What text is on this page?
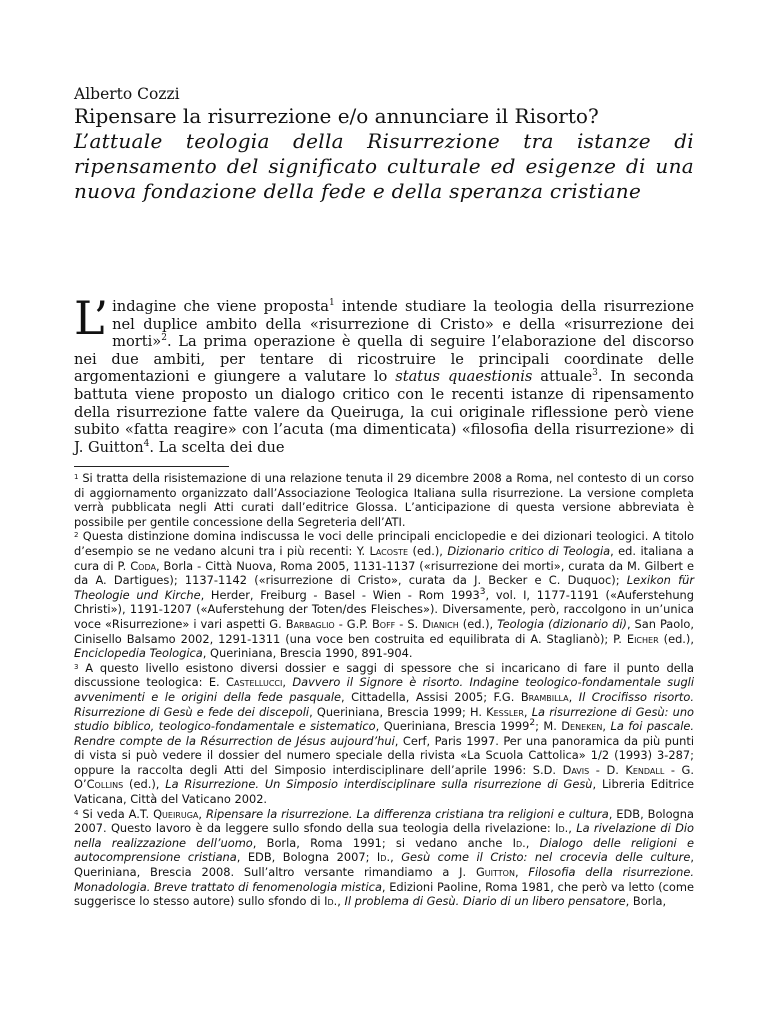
Alberto Cozzi

Ripensare la risurrezione e/o annunciare il Risorto?

L’attuale teologia della Risurrezione tra istanze di ripensamento del significato culturale ed esigenze di una nuova fondazione della fede e della speranza cristiane

L’ indagine che viene proposta$^1$ intende studiare la teologia della risurrezione nel duplice ambito della «risurrezione di Cristo» e della «risurrezione dei morti»$^2$. La prima operazione è quella di seguire l’elaborazione del discorso nei due ambiti, per tentare di ricostruire le principali coordinate delle argomentazioni e giungere a valutare lo status quaestionis attuale$^3$. In seconda battuta viene proposto un dialogo critico con le recenti istanze di ripensamento della risurrezione fatte valere da Queiruga, la cui originale riflessione però viene subito «fatta reagire» con l’acuta (ma dimenticata) «filosofia della risurrezione» di J. Guitton$^4$. La scelta dei due

$^1$ Si tratta della risistemazione di una relazione tenuta il 29 dicembre 2008 a Roma, nel contesto di un corso di aggiornamento organizzato dall’Associazione Teologica Italiana sulla risurrezione. La versione completa verrà pubblicata negli Atti curati dall’editrice Glossa. L’anticipazione di questa versione abbreviata è possibile per gentile concessione della Segreteria dell’ATI.

$^2$ Questa distinzione domina indiscussa le voci delle principali enciclopedie e dei dizionari teologici. A titolo d’esempio se ne vedano alcuni tra i più recenti: Y. Lacoste (ed.), Dizionario critico di Teologia, ed. italiana a cura di P. Coda, Borla - Città Nuova, Roma 2005, 1131-1137 («risurrezione dei morti», curata da M. Gilbert e da A. Dartigues); 1137-1142 («risurrezione di Cristo», curata da J. Becker e C. Duquoc); Lexikon für Theologie und Kirche, Herder, Freiburg - Basel - Wien - Rom 1993$^3$, vol. I, 1177-1191 («Auferstehung Christi»), 1191-1207 («Auferstehung der Toten/des Fleisches»). Diversamente, però, raccolgono in un’unica voce «Risurrezione» i vari aspetti G. Barbaglio - G.P. Boff - S. Dianich (ed.), Teologia (dizionario di), San Paolo, Cinisello Balsamo 2002, 1291-1311 (una voce ben costruita ed equilibrata di A. Staglianò); P. Eicher (ed.), Enciclopedia Teologica, Queriniana, Brescia 1990, 891-904.

$^3$ A questo livello esistono diversi dossier e saggi di spessore che si incaricano di fare il punto della discussione teologica: E. Castellucci, Davvero il Signore è risorto. Indagine teologico-fondamentale sugli avvenimenti e le origini della fede pasquale, Cittadella, Assisi 2005; F.G. Brambilla, Il Crocifisso risorto. Risurrezione di Gesù e fede dei discepoli, Queriniana, Brescia 1999; H. Kessler, La risurrezione di Gesù: uno studio biblico, teologico-fondamentale e sistematico, Queriniana, Brescia 1999$^2$; M. Deneken, La foi pascale. Rendre compte de la Résurrection de Jésus aujourd’hui, Cerf, Paris 1997. Per una panoramica da più punti di vista si può vedere il dossier del numero speciale della rivista «La Scuola Cattolica» 1/2 (1993) 3-287; oppure la raccolta degli Atti del Simposio interdisciplinare dell’aprile 1996: S.D. Davis - D. Kendall - G. O’Collins (ed.), La Risurrezione. Un Simposio interdisciplinare sulla risurrezione di Gesù, Libreria Editrice Vaticana, Città del Vaticano 2002.

$^4$ Si veda A.T. Queiruga, Ripensare la risurrezione. La differenza cristiana tra religioni e cultura, EDB, Bologna 2007. Questo lavoro è da leggere sullo sfondo della sua teologia della rivelazione: Id., La rivelazione di Dio nella realizzazione dell’uomo, Borla, Roma 1991; si vedano anche Id., Dialogo delle religioni e autocomprensione cristiana, EDB, Bologna 2007; Id., Gesù come il Cristo: nel crocevia delle culture, Queriniana, Brescia 2008. Sull’altro versante rimandiamo a J. Guitton, Filosofia della risurrezione. Monadologia. Breve trattato di fenomenologia mistica, Edizioni Paoline, Roma 1981, che però va letto (come suggerisce lo stesso autore) sullo sfondo di Id., Il problema di Gesù. Diario di un libero pensatore, Borla,
